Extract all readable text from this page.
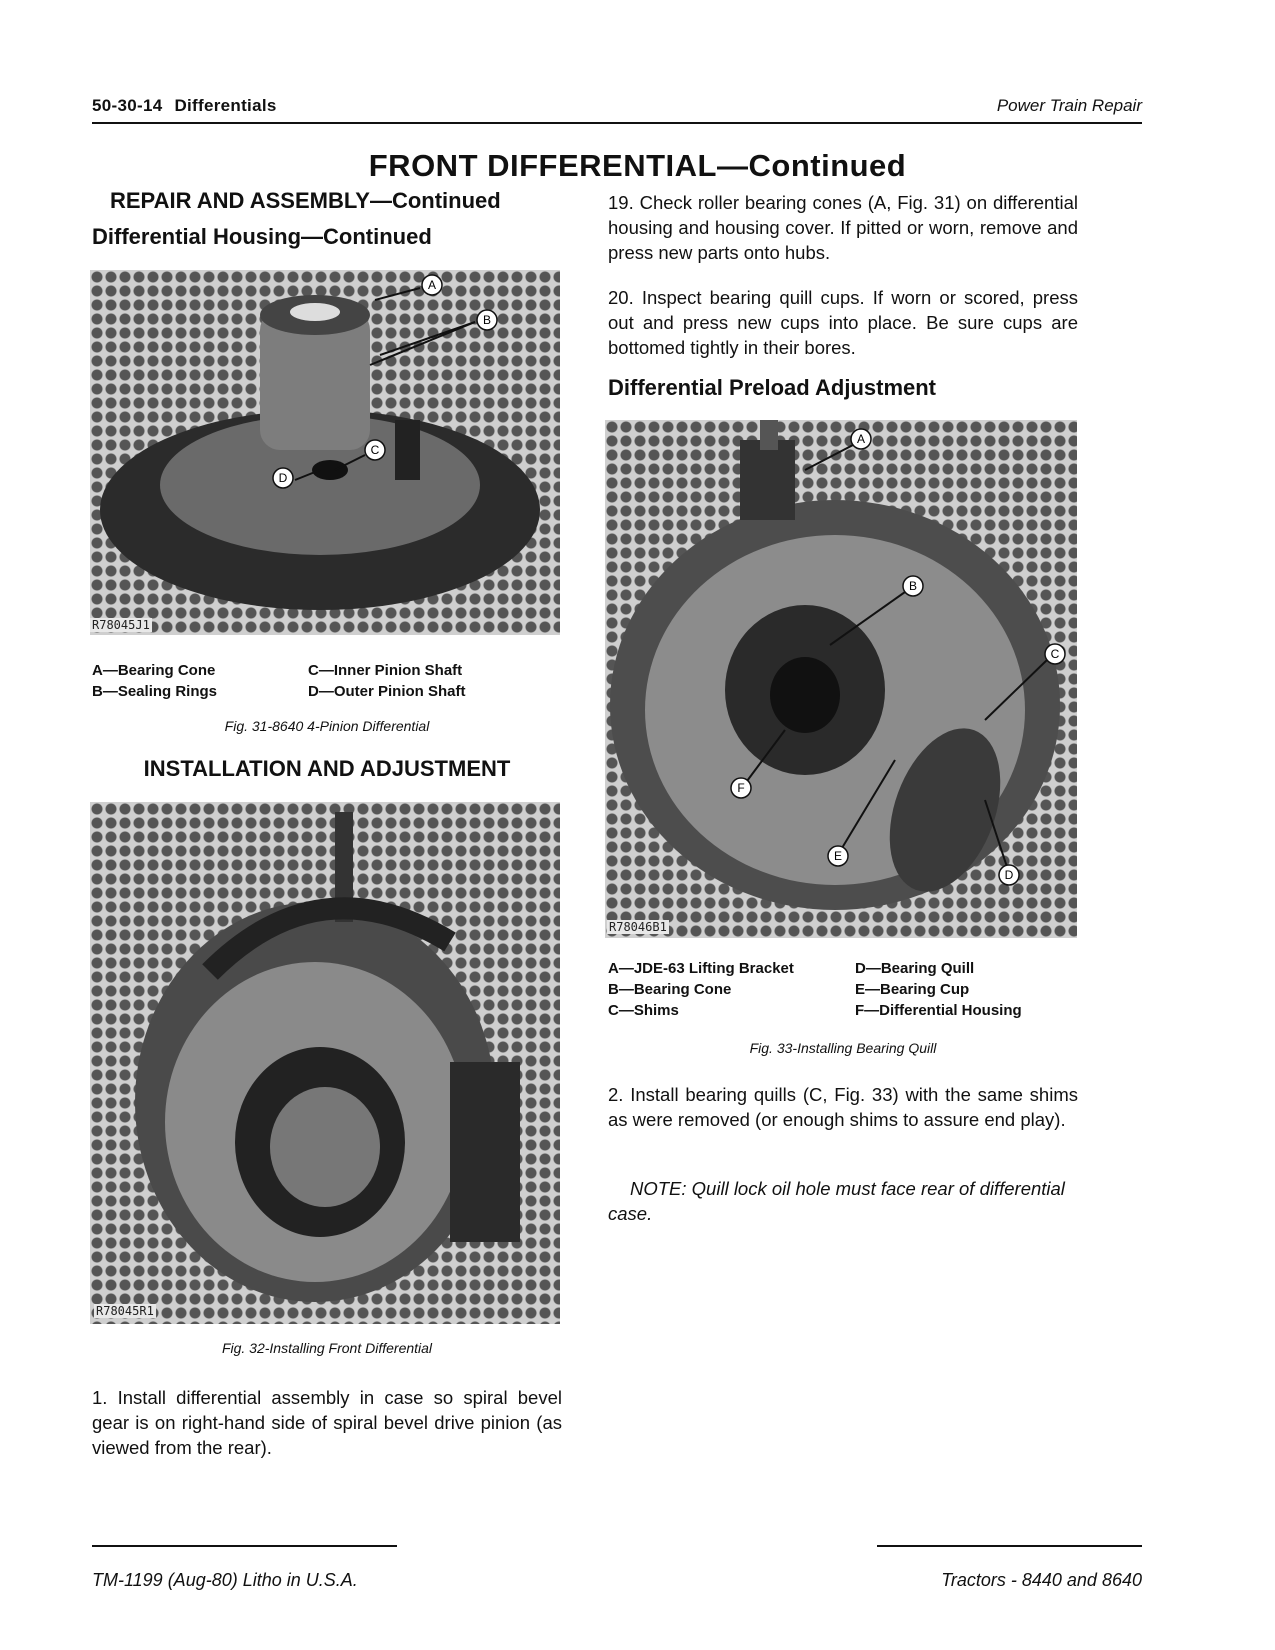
50-30-14 Differentials	Power Train Repair
FRONT DIFFERENTIAL—Continued
REPAIR AND ASSEMBLY—Continued
Differential Housing—Continued
A
B
C
D
R78045J1
A—Bearing Cone
B—Sealing Rings
C—Inner Pinion Shaft
D—Outer Pinion Shaft
Fig. 31-8640 4-Pinion Differential
INSTALLATION AND ADJUSTMENT
R78045R1
Fig. 32-Installing Front Differential
1. Install differential assembly in case so spiral bevel gear is on right-hand side of spiral bevel drive pinion (as viewed from the rear).
19. Check roller bearing cones (A, Fig. 31) on differential housing and housing cover. If pitted or worn, remove and press new parts onto hubs.
20. Inspect bearing quill cups. If worn or scored, press out and press new cups into place. Be sure cups are bottomed tightly in their bores.
Differential Preload Adjustment
A
B
C
D
E
F
R78046B1
A—JDE-63 Lifting Bracket
B—Bearing Cone
C—Shims
D—Bearing Quill
E—Bearing Cup
F—Differential Housing
Fig. 33-Installing Bearing Quill
2. Install bearing quills (C, Fig. 33) with the same shims as were removed (or enough shims to assure end play).
NOTE: Quill lock oil hole must face rear of differential case.
TM-1199 (Aug-80) Litho in U.S.A.	Tractors - 8440 and 8640
